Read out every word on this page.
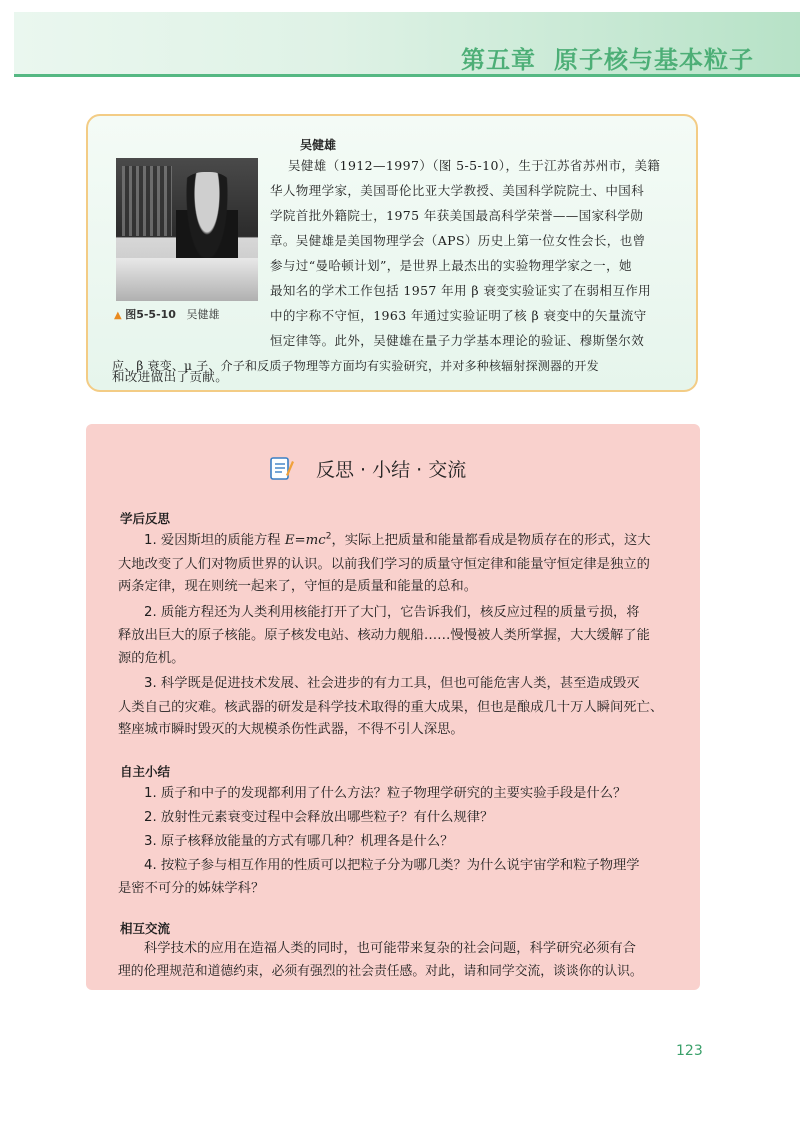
第五章 原子核与基本粒子
▲ 图5-5-10 吴健雄
吴健雄
吴健雄（1912—1997）（图 5-5-10），生于江苏省苏州市，美籍
华人物理学家，美国哥伦比亚大学教授、美国科学院院士、中国科
学院首批外籍院士，1975 年获美国最高科学荣誉——国家科学勋
章。吴健雄是美国物理学会（APS）历史上第一位女性会长，也曾
参与过“曼哈顿计划”，是世界上最杰出的实验物理学家之一，她
最知名的学术工作包括 1957 年用 β 衰变实验证实了在弱相互作用
中的宇称不守恒，1963 年通过实验证明了核 β 衰变中的矢量流守
恒定律等。此外，吴健雄在量子力学基本理论的验证、穆斯堡尔效
应、β 衰变、μ 子、介子和反质子物理等方面均有实验研究，并对多种核辐射探测器的开发
和改进做出了贡献。
反思 · 小结 · 交流
学后反思
1. 爱因斯坦的质能方程 $E=mc^2$，实际上把质量和能量都看成是物质存在的形式，这大
大地改变了人们对物质世界的认识。以前我们学习的质量守恒定律和能量守恒定律是独立的
两条定律，现在则统一起来了，守恒的是质量和能量的总和。
2. 质能方程还为人类利用核能打开了大门，它告诉我们，核反应过程的质量亏损，将
释放出巨大的原子核能。原子核发电站、核动力舰船……慢慢被人类所掌握，大大缓解了能
源的危机。
3. 科学既是促进技术发展、社会进步的有力工具，但也可能危害人类，甚至造成毁灭
人类自己的灾难。核武器的研发是科学技术取得的重大成果，但也是酿成几十万人瞬间死亡、
整座城市瞬时毁灭的大规模杀伤性武器，不得不引人深思。
自主小结
1. 质子和中子的发现都利用了什么方法？粒子物理学研究的主要实验手段是什么？
2. 放射性元素衰变过程中会释放出哪些粒子？有什么规律？
3. 原子核释放能量的方式有哪几种？机理各是什么？
4. 按粒子参与相互作用的性质可以把粒子分为哪几类？为什么说宇宙学和粒子物理学
是密不可分的姊妹学科？
相互交流
科学技术的应用在造福人类的同时，也可能带来复杂的社会问题，科学研究必须有合
理的伦理规范和道德约束，必须有强烈的社会责任感。对此，请和同学交流，谈谈你的认识。
123
